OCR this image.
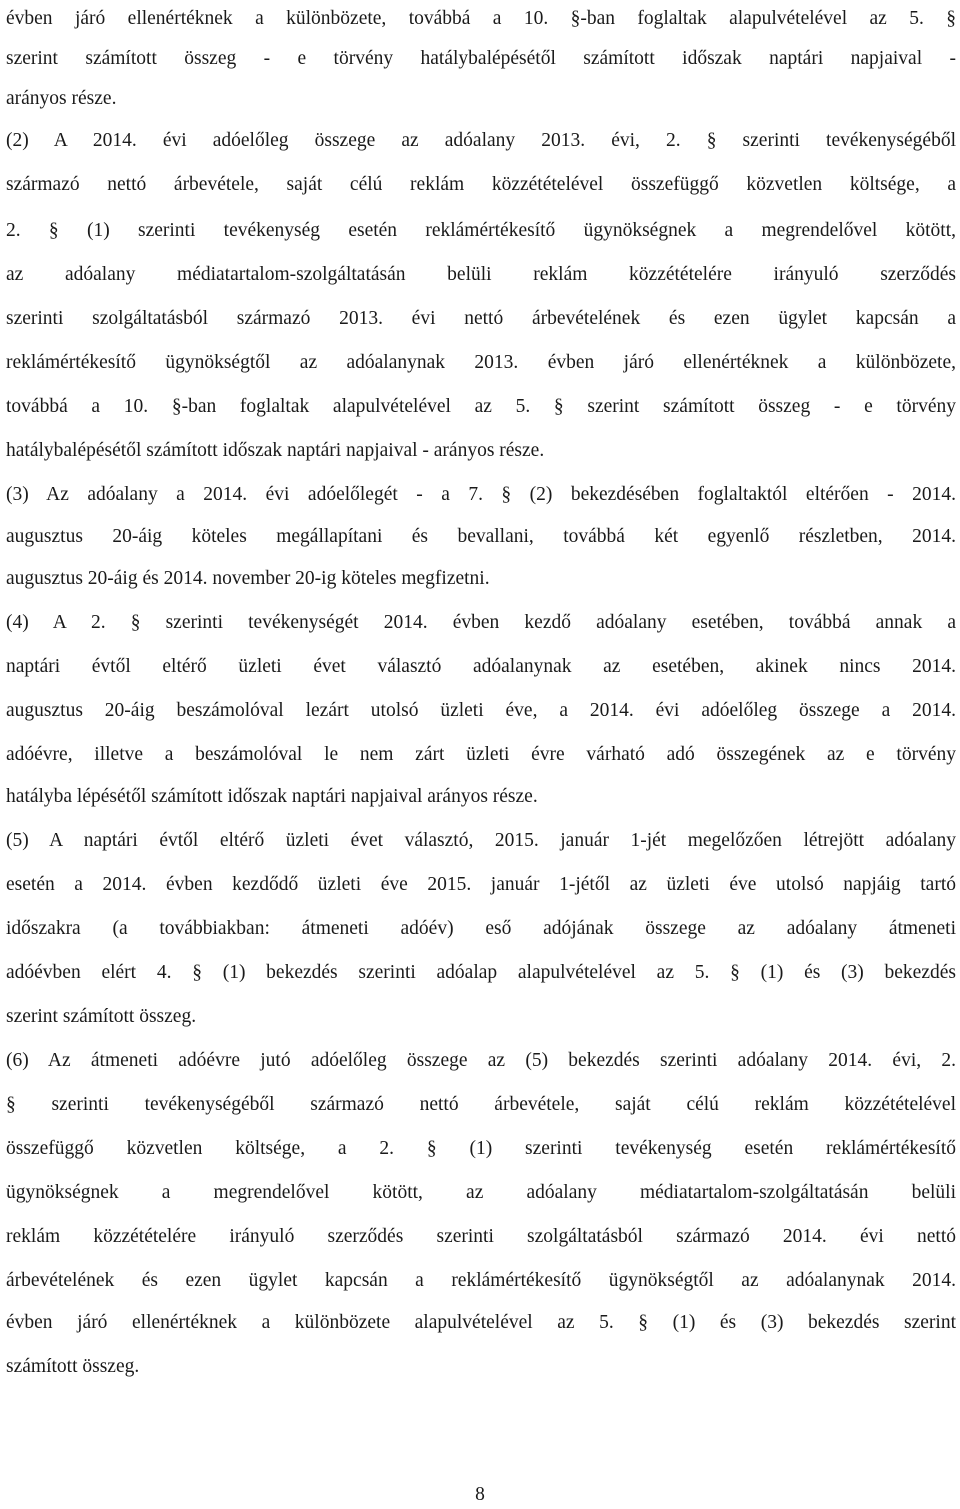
évben járó ellenértéknek a különbözete, továbbá a 10. §-ban foglaltak alapulvételével az 5. §
szerint számított összeg - e törvény hatálybalépésétől számított időszak naptári napjaival -
arányos része.
(2) A 2014. évi adóelőleg összege az adóalany 2013. évi, 2. § szerinti tevékenységéből
származó nettó árbevétele, saját célú reklám közzétételével összefüggő közvetlen költsége, a
2. § (1) szerinti tevékenység esetén reklámértékesítő ügynökségnek a megrendelővel kötött,
az adóalany médiatartalom-szolgáltatásán belüli reklám közzétételére irányuló szerződés
szerinti szolgáltatásból származó 2013. évi nettó árbevételének és ezen ügylet kapcsán a
reklámértékesítő ügynökségtől az adóalanynak 2013. évben járó ellenértéknek a különbözete,
továbbá a 10. §-ban foglaltak alapulvételével az 5. § szerint számított összeg - e törvény
hatálybalépésétől számított időszak naptári napjaival - arányos része.
(3) Az adóalany a 2014. évi adóelőlegét - a 7. § (2) bekezdésében foglaltaktól eltérően - 2014.
augusztus 20-áig köteles megállapítani és bevallani, továbbá két egyenlő részletben, 2014.
augusztus 20-áig és 2014. november 20-ig köteles megfizetni.
(4) A 2. § szerinti tevékenységét 2014. évben kezdő adóalany esetében, továbbá annak a
naptári évtől eltérő üzleti évet választó adóalanynak az esetében, akinek nincs 2014.
augusztus 20-áig beszámolóval lezárt utolsó üzleti éve, a 2014. évi adóelőleg összege a 2014.
adóévre, illetve a beszámolóval le nem zárt üzleti évre várható adó összegének az e törvény
hatályba lépésétől számított időszak naptári napjaival arányos része.
(5) A naptári évtől eltérő üzleti évet választó, 2015. január 1-jét megelőzően létrejött adóalany
esetén a 2014. évben kezdődő üzleti éve 2015. január 1-jétől az üzleti éve utolsó napjáig tartó
időszakra (a továbbiakban: átmeneti adóév) eső adójának összege az adóalany átmeneti
adóévben elért 4. § (1) bekezdés szerinti adóalap alapulvételével az 5. § (1) és (3) bekezdés
szerint számított összeg.
(6) Az átmeneti adóévre jutó adóelőleg összege az (5) bekezdés szerinti adóalany 2014. évi, 2.
§ szerinti tevékenységéből származó nettó árbevétele, saját célú reklám közzétételével
összefüggő közvetlen költsége, a 2. § (1) szerinti tevékenység esetén reklámértékesítő
ügynökségnek a megrendelővel kötött, az adóalany médiatartalom-szolgáltatásán belüli
reklám közzétételére irányuló szerződés szerinti szolgáltatásból származó 2014. évi nettó
árbevételének és ezen ügylet kapcsán a reklámértékesítő ügynökségtől az adóalanynak 2014.
évben járó ellenértéknek a különbözete alapulvételével az 5. § (1) és (3) bekezdés szerint
számított összeg.
8
